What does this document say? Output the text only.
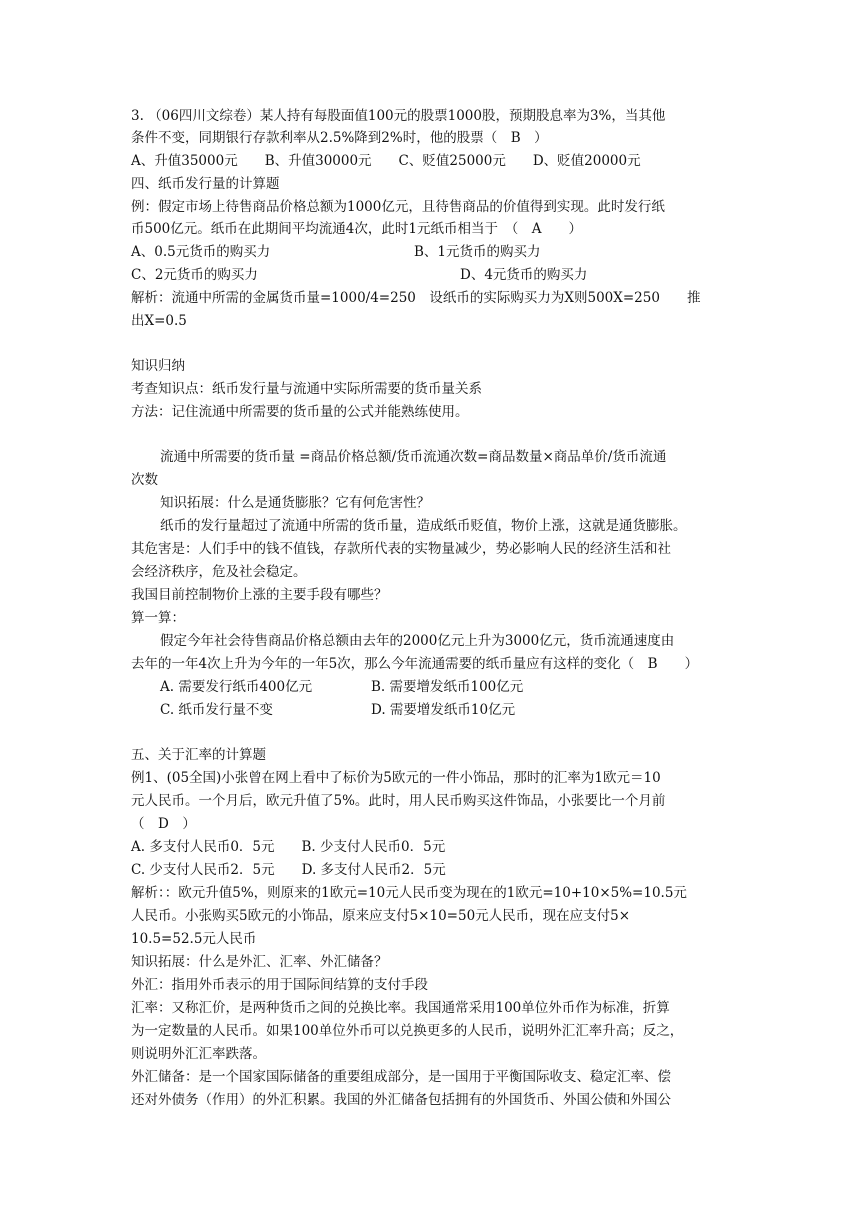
3. （06四川文综卷）某人持有每股面值100元的股票1000股，预期股息率为3%，当其他
条件不变，同期银行存款利率从2.5%降到2%时，他的股票（　B　）
A、升值35000元　　B、升值30000元　　C、贬值25000元　　D、贬值20000元
四、纸币发行量的计算题
例：假定市场上待售商品价格总额为1000亿元，且待售商品的价值得到实现。此时发行纸
币500亿元。纸币在此期间平均流通4次，此时1元纸币相当于　（　A　　）
A、0.5元货币的购买力	B、1元货币的购买力
C、2元货币的购买力	D、4元货币的购买力
解析：流通中所需的金属货币量=1000/4=250　设纸币的实际购买力为X则500X=250　　推
出X=0.5
知识归纳
考查知识点：纸币发行量与流通中实际所需要的货币量关系
方法：记住流通中所需要的货币量的公式并能熟练使用。
流通中所需要的货币量 =商品价格总额/货币流通次数=商品数量×商品单价/货币流通
次数
知识拓展：什么是通货膨胀？它有何危害性？
纸币的发行量超过了流通中所需的货币量，造成纸币贬值，物价上涨，这就是通货膨胀。
其危害是：人们手中的钱不值钱，存款所代表的实物量减少，势必影响人民的经济生活和社
会经济秩序，危及社会稳定。
我国目前控制物价上涨的主要手段有哪些？
算一算：
假定今年社会待售商品价格总额由去年的2000亿元上升为3000亿元，货币流通速度由
去年的一年4次上升为今年的一年5次，那么今年流通需要的纸币量应有这样的变化（　B　　）
A. 需要发行纸币400亿元	B. 需要增发纸币100亿元
C. 纸币发行量不变	D. 需要增发纸币10亿元
五、关于汇率的计算题
例1、(05全国)小张曾在网上看中了标价为5欧元的一件小饰品，那时的汇率为1欧元＝10
元人民币。一个月后，欧元升值了5%。此时，用人民币购买这件饰品，小张要比一个月前
（　D　）
A. 多支付人民币0．5元　　B. 少支付人民币0．5元
C. 少支付人民币2．5元　　D. 多支付人民币2．5元
解析：：欧元升值5%，则原来的1欧元=10元人民币变为现在的1欧元=10+10×5%=10.5元
人民币。小张购买5欧元的小饰品，原来应支付5×10=50元人民币，现在应支付5×
10.5=52.5元人民币
知识拓展：什么是外汇、汇率、外汇储备？
外汇：指用外币表示的用于国际间结算的支付手段
汇率：又称汇价，是两种货币之间的兑换比率。我国通常采用100单位外币作为标准，折算
为一定数量的人民币。如果100单位外币可以兑换更多的人民币，说明外汇汇率升高；反之，
则说明外汇汇率跌落。
外汇储备：是一个国家国际储备的重要组成部分，是一国用于平衡国际收支、稳定汇率、偿
还对外债务（作用）的外汇积累。我国的外汇储备包括拥有的外国货币、外国公债和外国公
